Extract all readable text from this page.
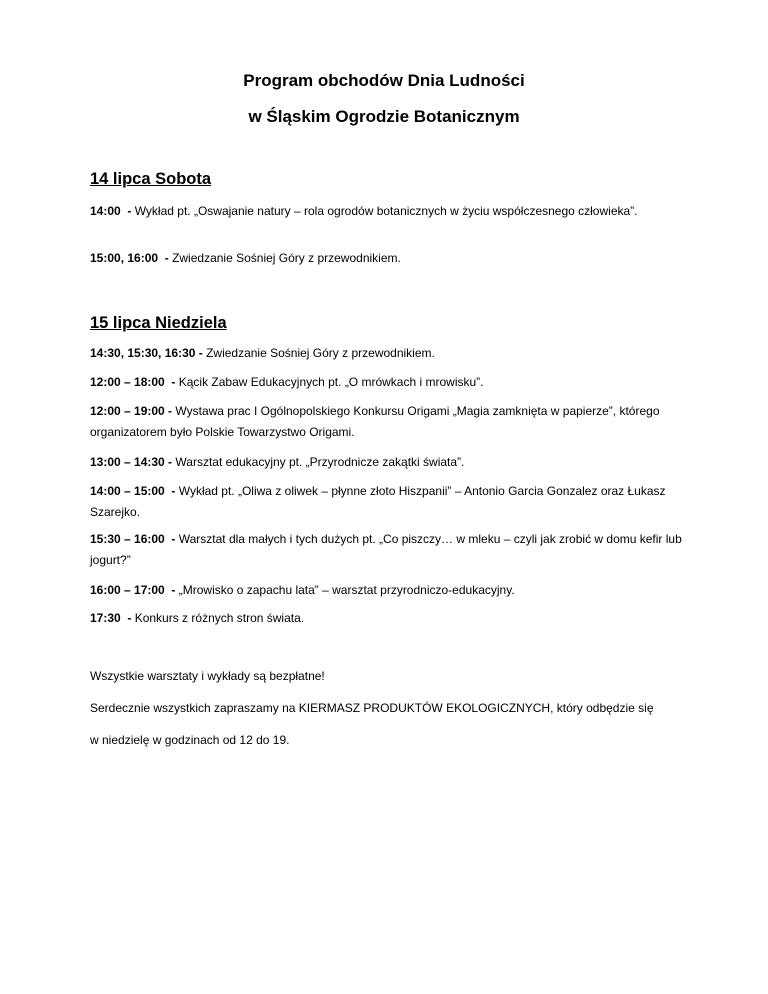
Program obchodów Dnia Ludności
w Śląskim Ogrodzie Botanicznym
14 lipca Sobota
14:00  - Wykład pt. „Oswajanie natury – rola ogrodów botanicznych w życiu współczesnego człowieka”.
15:00, 16:00  - Zwiedzanie Sośniej Góry z przewodnikiem.
15 lipca Niedziela
14:30, 15:30, 16:30 - Zwiedzanie Sośniej Góry z przewodnikiem.
12:00 – 18:00  - Kącik Zabaw Edukacyjnych pt. „O mrówkach i mrowisku”.
12:00 – 19:00 - Wystawa prac I Ogólnopolskiego Konkursu Origami „Magia zamknięta w papierze”, którego organizatorem było Polskie Towarzystwo Origami.
13:00 – 14:30 - Warsztat edukacyjny pt. „Przyrodnicze zakątki świata”.
14:00 – 15:00  - Wykład pt. „Oliwa z oliwek – płynne złoto Hiszpanii” – Antonio Garcia Gonzalez oraz Łukasz Szarejko.
15:30 – 16:00  - Warsztat dla małych i tych dużych pt. „Co piszczy… w mleku – czyli jak zrobić w domu kefir lub jogurt?”
16:00 – 17:00  - „Mrowisko o zapachu lata” – warsztat przyrodniczo-edukacyjny.
17:30  - Konkurs z różnych stron świata.
Wszystkie warsztaty i wykłady są bezpłatne!
Serdecznie wszystkich zapraszamy na KIERMASZ PRODUKTÓW EKOLOGICZNYCH, który odbędzie się
w niedzielę w godzinach od 12 do 19.
